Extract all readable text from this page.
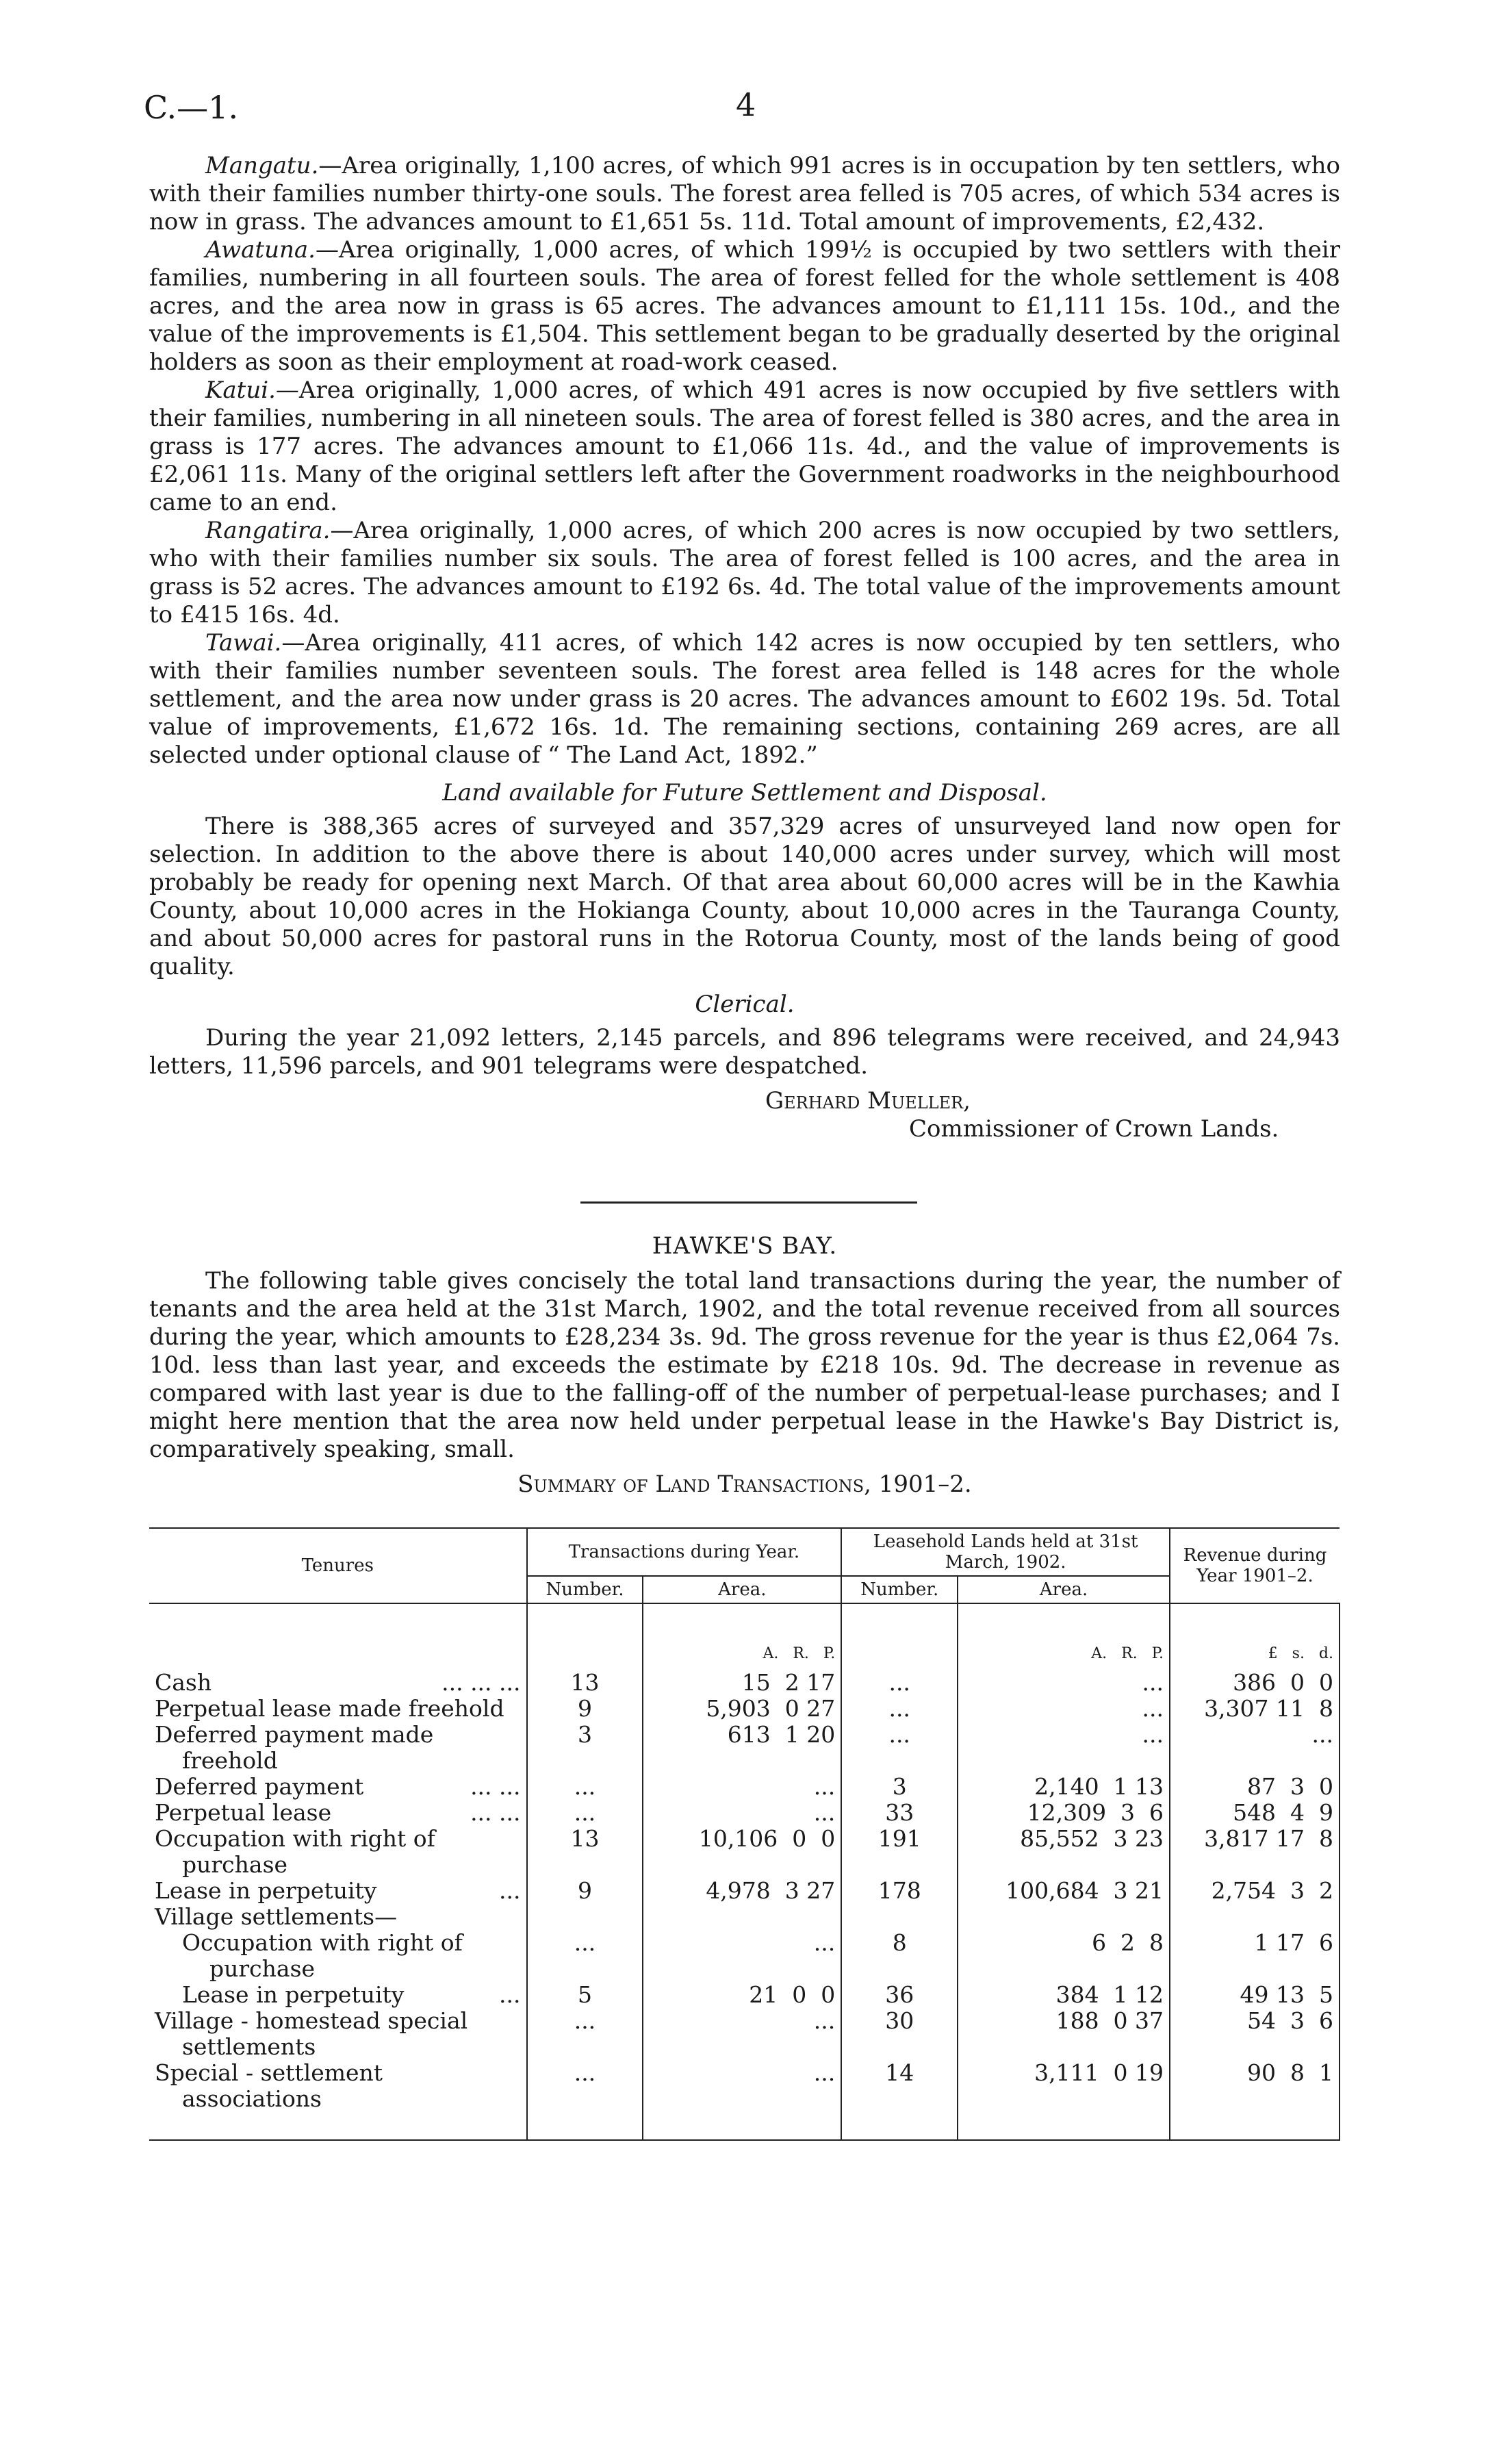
C.—1.	4

Mangatu.—Area originally, 1,100 acres, of which 991 acres is in occupation by ten settlers, who with their families number thirty-one souls. The forest area felled is 705 acres, of which 534 acres is now in grass. The advances amount to £1,651 5s. 11d. Total amount of improvements, £2,432.

Awatuna.—Area originally, 1,000 acres, of which 199½ is occupied by two settlers with their families, numbering in all fourteen souls. The area of forest felled for the whole settlement is 408 acres, and the area now in grass is 65 acres. The advances amount to £1,111 15s. 10d., and the value of the improvements is £1,504. This settlement began to be gradually deserted by the original holders as soon as their employment at road-work ceased.

Katui.—Area originally, 1,000 acres, of which 491 acres is now occupied by five settlers with their families, numbering in all nineteen souls. The area of forest felled is 380 acres, and the area in grass is 177 acres. The advances amount to £1,066 11s. 4d., and the value of improvements is £2,061 11s. Many of the original settlers left after the Government roadworks in the neighbourhood came to an end.

Rangatira.—Area originally, 1,000 acres, of which 200 acres is now occupied by two settlers, who with their families number six souls. The area of forest felled is 100 acres, and the area in grass is 52 acres. The advances amount to £192 6s. 4d. The total value of the improvements amount to £415 16s. 4d.

Tawai.—Area originally, 411 acres, of which 142 acres is now occupied by ten settlers, who with their families number seventeen souls. The forest area felled is 148 acres for the whole settlement, and the area now under grass is 20 acres. The advances amount to £602 19s. 5d. Total value of improvements, £1,672 16s. 1d. The remaining sections, containing 269 acres, are all selected under optional clause of “ The Land Act, 1892.”

Land available for Future Settlement and Disposal.

There is 388,365 acres of surveyed and 357,329 acres of unsurveyed land now open for selection. In addition to the above there is about 140,000 acres under survey, which will most probably be ready for opening next March. Of that area about 60,000 acres will be in the Kawhia County, about 10,000 acres in the Hokianga County, about 10,000 acres in the Tauranga County, and about 50,000 acres for pastoral runs in the Rotorua County, most of the lands being of good quality.

Clerical.

During the year 21,092 letters, 2,145 parcels, and 896 telegrams were received, and 24,943 letters, 11,596 parcels, and 901 telegrams were despatched.

Gerhard Mueller,

Commissioner of Crown Lands.

HAWKE'S BAY.

The following table gives concisely the total land transactions during the year, the number of tenants and the area held at the 31st March, 1902, and the total revenue received from all sources during the year, which amounts to £28,234 3s. 9d. The gross revenue for the year is thus £2,064 7s. 10d. less than last year, and exceeds the estimate by £218 10s. 9d. The decrease in revenue as compared with last year is due to the falling-off of the number of perpetual-lease purchases; and I might here mention that the area now held under perpetual lease in the Hawke's Bay District is, comparatively speaking, small.

Summary of Land Transactions, 1901–2.
Tenures	Transactions during Year.		Leasehold Lands held at 31st March, 1902.		Revenue during Year 1901–2.
	Number.	Area.	Number.	Area.	
		A.   R.   P.		A.   R.   P.	£   s.   d.

Cash ... ... ...	13	15  2 17	...	...	386  0  0

Perpetual lease made freehold	9	5,903  0 27	...	...	3,307 11  8

Deferred payment made freehold	3	613  1 20	...	...	...

Deferred payment ... ...	...	...	3	2,140  1 13	87  3  0

Perpetual lease ... ...	...	...	33	12,309  3  6	548  4  9

Occupation with right of purchase	13	10,106  0  0	191	85,552  3 23	3,817 17  8

Lease in perpetuity ...	9	4,978  3 27	178	100,684  3 21	2,754  3  2

Village settlements—					

Occupation with right of purchase	...	...	8	6  2  8	1 17  6

Lease in perpetuity ...	5	21  0  0	36	384  1 12	49 13  5

Village - homestead special settlements	...	...	30	188  0 37	54  3  6

Special - settlement associations	...	...	14	3,111  0 19	90  8  1
